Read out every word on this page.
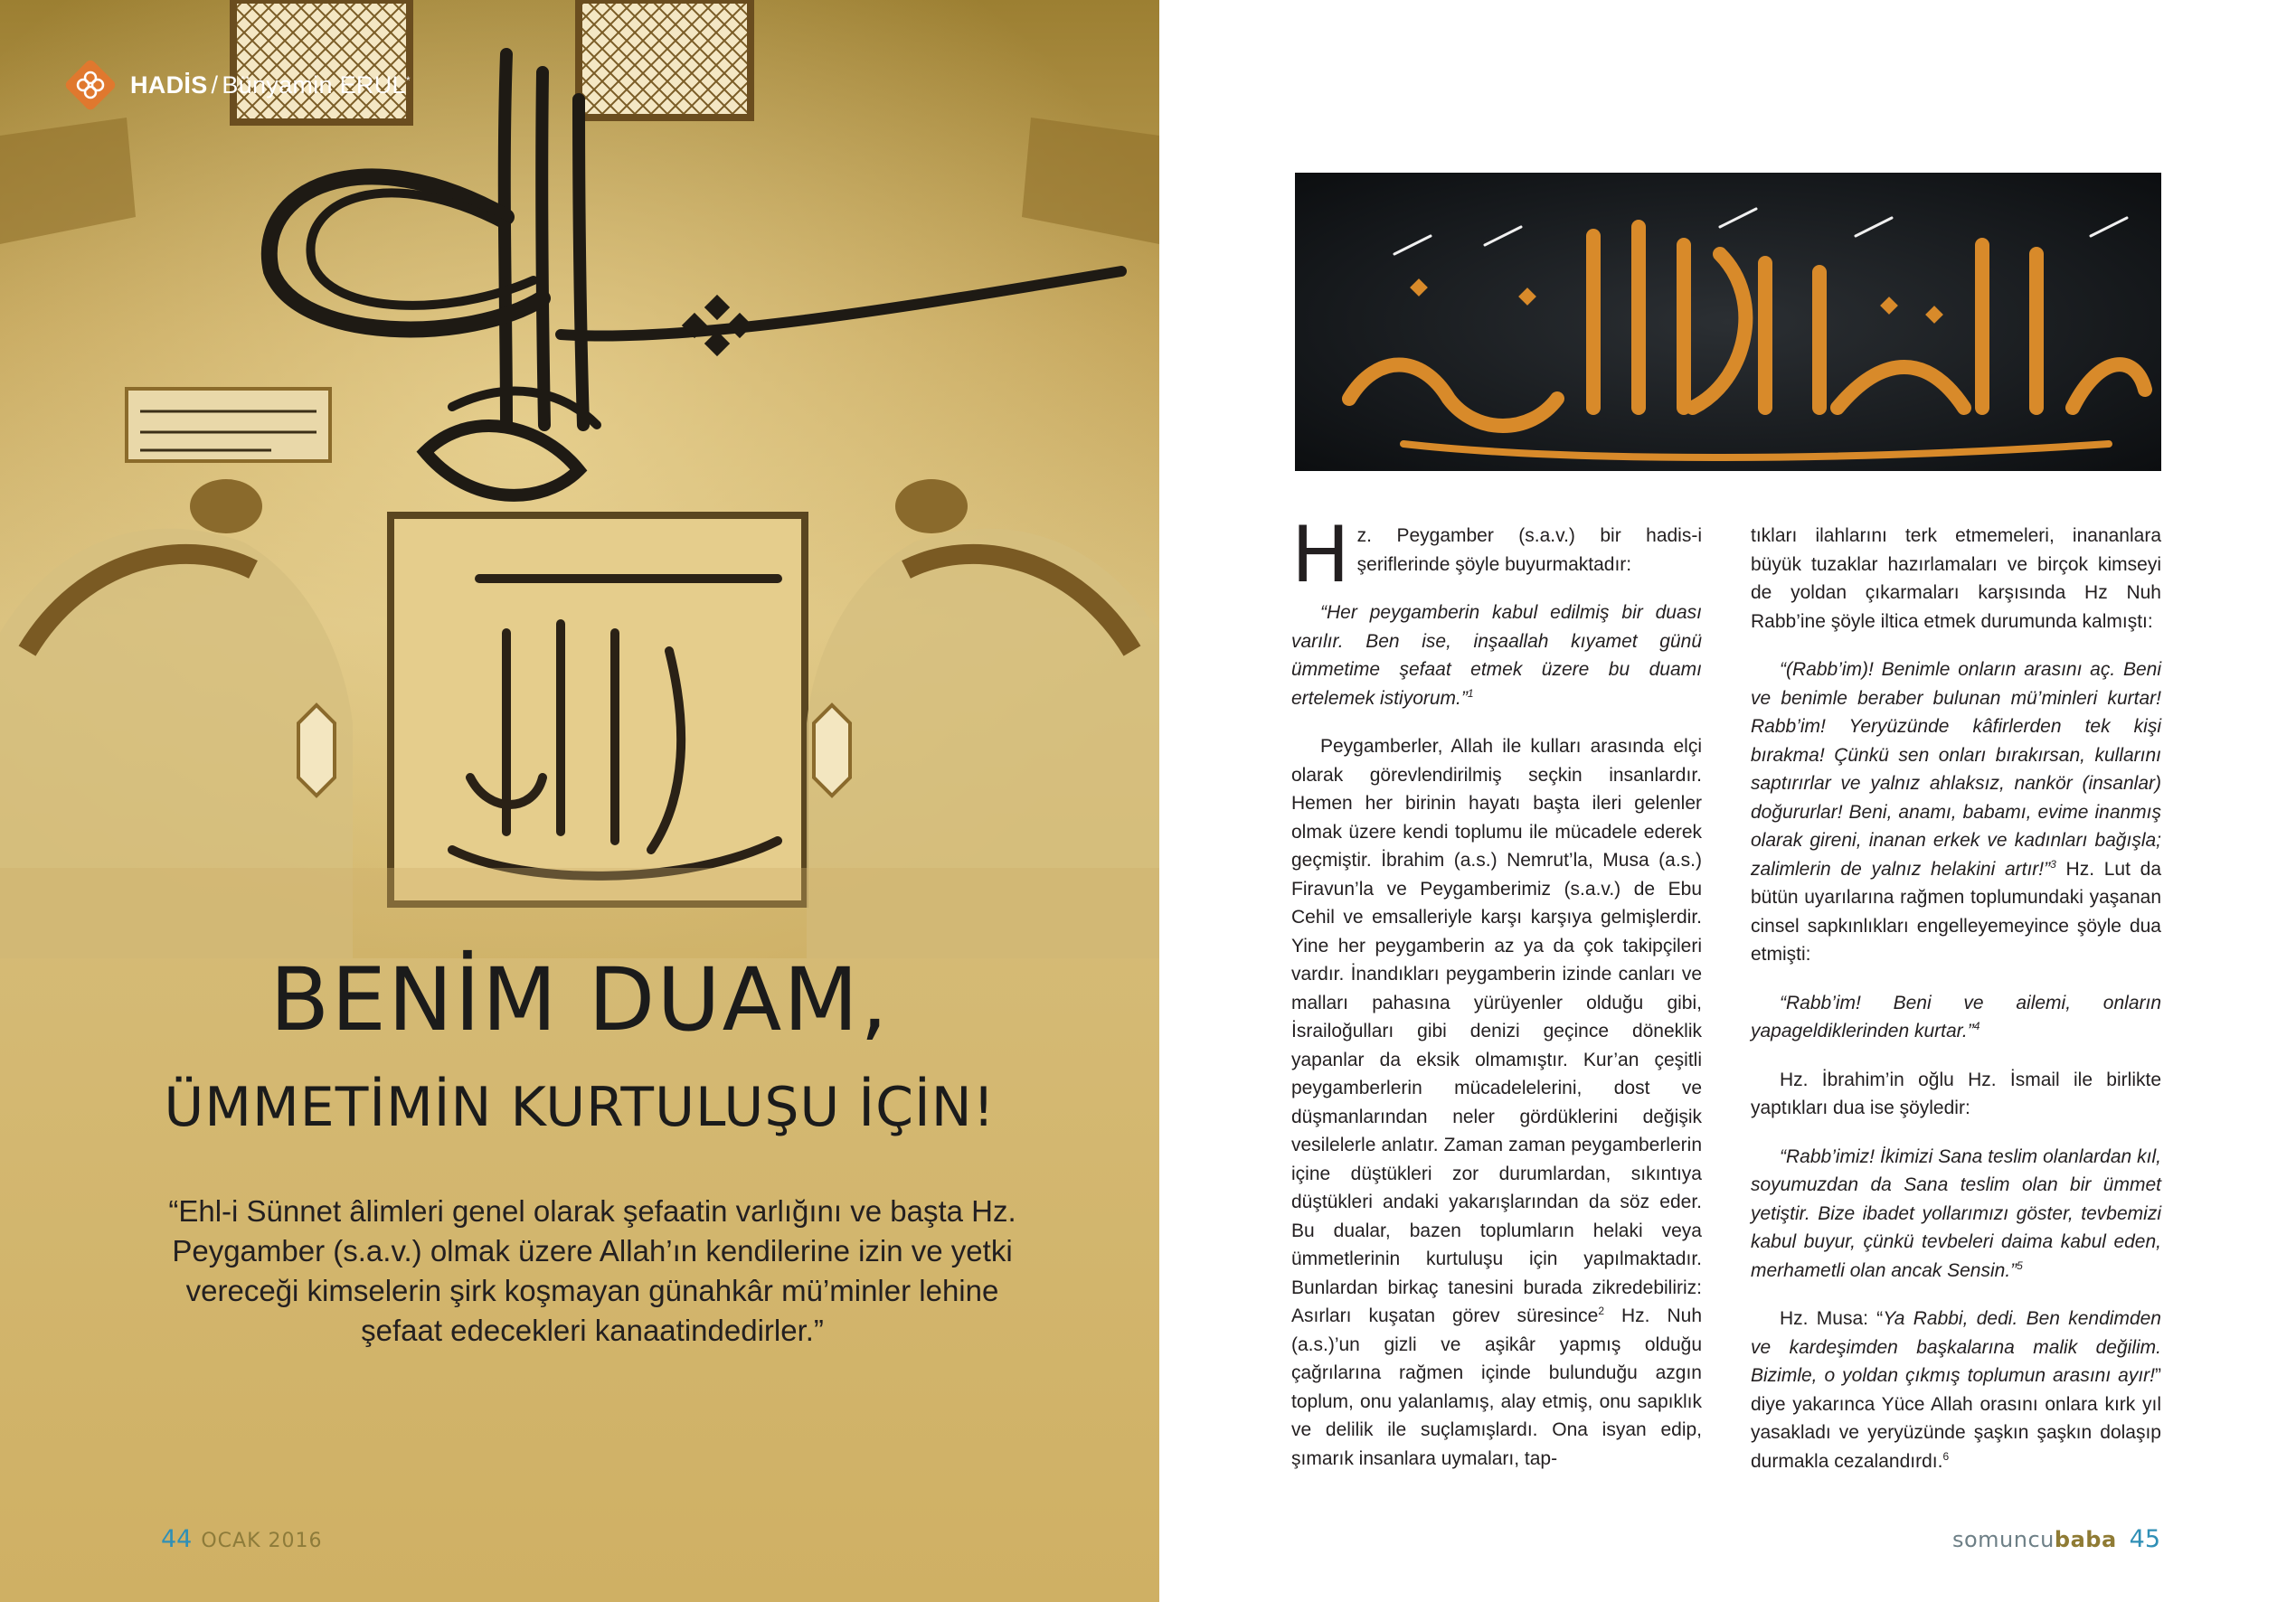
HADİS / Bünyamin ERUL*
BENİM DUAM,
ÜMMETİMİN KURTULUŞU İÇİN!
“Ehl-i Sünnet âlimleri genel olarak şefaatin varlığını ve başta Hz. Peygamber (s.a.v.) olmak üzere Allah’ın kendilerine izin ve yetki vereceği kimselerin şirk koşmayan günahkâr mü’minler lehine şefaat edecekleri kanaatindedirler.”
44 OCAK 2016

Hz. Peygamber (s.a.v.) bir hadis-i şeriflerinde şöyle buyurmaktadır:

“Her peygamberin kabul edilmiş bir duası varılır. Ben ise, inşaallah kıyamet günü ümmetime şefaat etmek üzere bu duamı ertelemek istiyorum.”$^1$

Peygamberler, Allah ile kulları arasında elçi olarak görevlendirilmiş seçkin insanlardır. Hemen her birinin hayatı başta ileri gelenler olmak üzere kendi toplumu ile mücadele ederek geçmiştir. İbrahim (a.s.) Nemrut’la, Musa (a.s.) Firavun’la ve Peygamberimiz (s.a.v.) de Ebu Cehil ve emsalleriyle karşı karşıya gelmişlerdir. Yine her peygamberin az ya da çok takipçileri vardır. İnandıkları peygamberin izinde canları ve malları pahasına yürüyenler olduğu gibi, İsrailoğulları gibi denizi geçince döneklik yapanlar da eksik olmamıştır. Kur’an çeşitli peygamberlerin mücadelelerini, dost ve düşmanlarından neler gördüklerini değişik vesilelerle anlatır. Zaman zaman peygamberlerin içine düştükleri zor durumlardan, sıkıntıya düştükleri andaki yakarışlarından da söz eder. Bu dualar, bazen toplumların helaki veya ümmetlerinin kurtuluşu için yapılmaktadır. Bunlardan birkaç tanesini burada zikredebiliriz: Asırları kuşatan görev süresince$^2$ Hz. Nuh (a.s.)’un gizli ve aşikâr yapmış olduğu çağrılarına rağmen içinde bulunduğu azgın toplum, onu yalanlamış, alay etmiş, onu sapıklık ve delilik ile suçlamışlardı. Ona isyan edip, şımarık insanlara uymaları, tap-

tıkları ilahlarını terk etmemeleri, inananlara büyük tuzaklar hazırlamaları ve birçok kimseyi de yoldan çıkarmaları karşısında Hz Nuh Rabb’ine şöyle iltica etmek durumunda kalmıştı:

“(Rabb’im)! Benimle onların arasını aç. Beni ve benimle beraber bulunan mü’minleri kurtar! Rabb’im! Yeryüzünde kâfirlerden tek kişi bırakma! Çünkü sen onları bırakırsan, kullarını saptırırlar ve yalnız ahlaksız, nankör (insanlar) doğururlar! Beni, anamı, babamı, evime inanmış olarak gireni, inanan erkek ve kadınları bağışla; zalimlerin de yalnız helakini artır!”$^3$ Hz. Lut da bütün uyarılarına rağmen toplumundaki yaşanan cinsel sapkınlıkları engelleyemeyince şöyle dua etmişti:

“Rabb’im! Beni ve ailemi, onların yapageldiklerinden kurtar.”$^4$

Hz. İbrahim’in oğlu Hz. İsmail ile birlikte yaptıkları dua ise şöyledir:

“Rabb’imiz! İkimizi Sana teslim olanlardan kıl, soyumuzdan da Sana teslim olan bir ümmet yetiştir. Bize ibadet yollarımızı göster, tevbemizi kabul buyur, çünkü tevbeleri daima kabul eden, merhametli olan ancak Sensin.”$^5$

Hz. Musa: “Ya Rabbi, dedi. Ben kendimden ve kardeşimden başkalarına malik değilim. Bizimle, o yoldan çıkmış toplumun arasını ayır!” diye yakarınca Yüce Allah orasını onlara kırk yıl yasakladı ve yeryüzünde şaşkın şaşkın dolaşıp durmakla cezalandırdı.$^6$

somuncubaba 45
